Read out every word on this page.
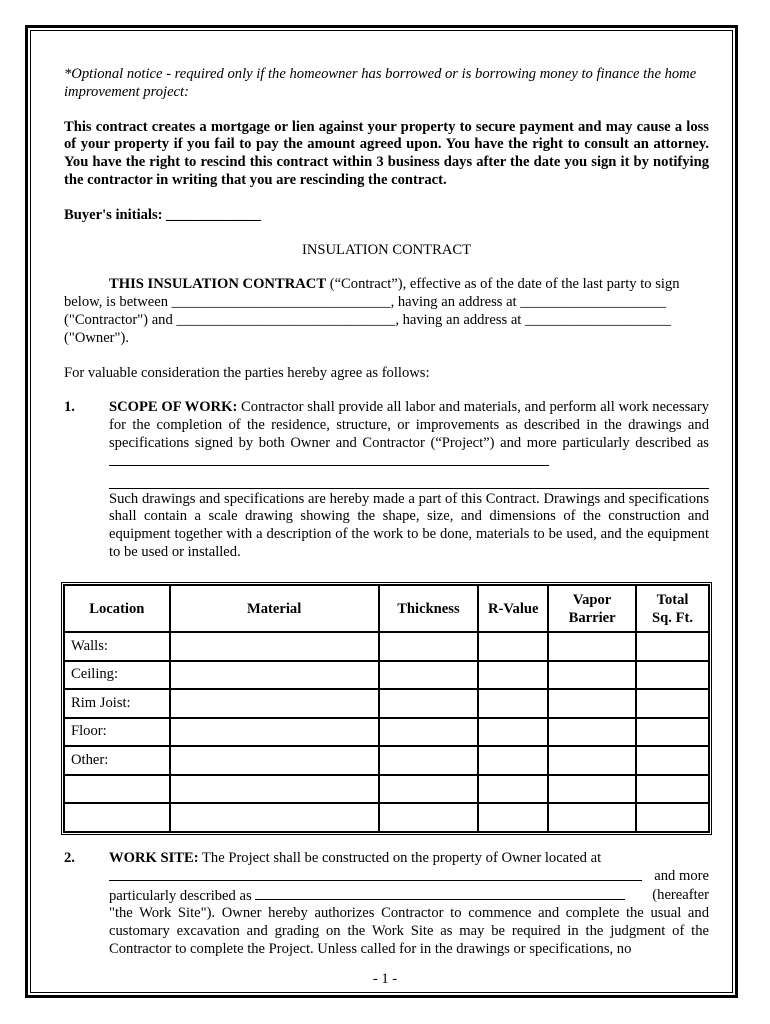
*Optional notice - required only if the homeowner has borrowed or is borrowing money to finance the home improvement project:

This contract creates a mortgage or lien against your property to secure payment and may cause a loss of your property if you fail to pay the amount agreed upon. You have the right to consult an attorney. You have the right to rescind this contract within 3 business days after the date you sign it by notifying the contractor in writing that you are rescinding the contract.

Buyer's initials: _____________

INSULATION CONTRACT

THIS INSULATION CONTRACT (“Contract”), effective as of the date of the last party to sign below, is between ______________________________, having an address at ____________________ ("Contractor") and ______________________________, having an address at ____________________ ("Owner").

For valuable consideration the parties hereby agree as follows:

1. SCOPE OF WORK: Contractor shall provide all labor and materials, and perform all work necessary for the completion of the residence, structure, or improvements as described in the drawings and specifications signed by both Owner and Contractor (“Project”) and more particularly described as

Such drawings and specifications are hereby made a part of this Contract. Drawings and specifications shall contain a scale drawing showing the shape, size, and dimensions of the construction and equipment together with a description of the work to be done, materials to be used, and the equipment to be used or installed.

Location	Material	Thickness	R-Value	Vapor Barrier	Total Sq. Ft.
Walls:					
Ceiling:					
Rim Joist:					
Floor:					
Other:					

2. WORK SITE: The Project shall be constructed on the property of Owner located at

and more

particularly described as	(hereafter

"the Work Site"). Owner hereby authorizes Contractor to commence and complete the usual and customary excavation and grading on the Work Site as may be required in the judgment of the Contractor to complete the Project. Unless called for in the drawings or specifications, no

- 1 -
